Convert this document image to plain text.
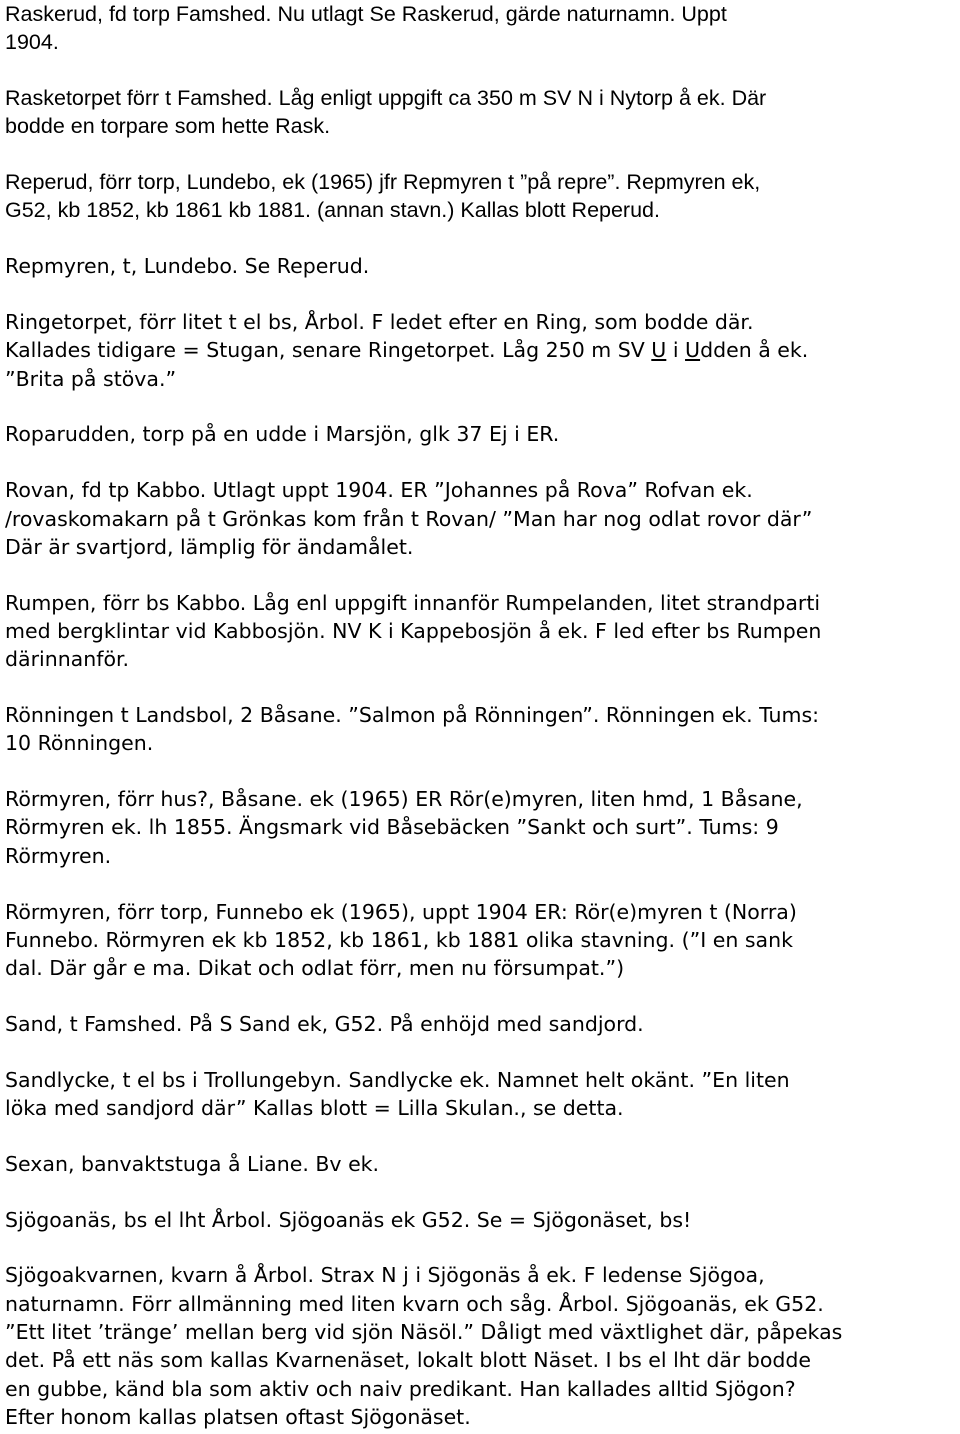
Raskerud, fd torp Famshed. Nu utlagt Se Raskerud, gärde naturnamn. Uppt
1904.

Rasketorpet förr t Famshed. Låg enligt uppgift ca 350 m SV N i Nytorp å ek. Där
bodde en torpare som hette Rask.

Reperud, förr torp, Lundebo, ek (1965) jfr Repmyren t ”på repre”. Repmyren ek,
G52, kb 1852, kb 1861 kb 1881. (annan stavn.) Kallas blott Reperud.

Repmyren, t, Lundebo. Se Reperud.

Ringetorpet, förr litet t el bs, Årbol. F ledet efter en Ring, som bodde där.
Kallades tidigare = Stugan, senare Ringetorpet. Låg 250 m SV U i Udden å ek.
”Brita på stöva.”

Roparudden, torp på en udde i Marsjön, glk 37 Ej i ER.

Rovan, fd tp Kabbo. Utlagt uppt 1904. ER ”Johannes på Rova” Rofvan ek.
/rovaskomakarn på t Grönkas kom från t Rovan/ ”Man har nog odlat rovor där”
Där är svartjord, lämplig för ändamålet.

Rumpen, förr bs Kabbo. Låg enl uppgift innanför Rumpelanden, litet strandparti
med bergklintar vid Kabbosjön. NV K i Kappebosjön å ek. F led efter bs Rumpen
därinnanför.

Rönningen t Landsbol, 2 Båsane. ”Salmon på Rönningen”. Rönningen ek. Tums:
10 Rönningen.

Rörmyren, förr hus?, Båsane. ek (1965) ER Rör(e)myren, liten hmd, 1 Båsane,
Rörmyren ek. lh 1855. Ängsmark vid Båsebäcken ”Sankt och surt”. Tums: 9
Rörmyren.

Rörmyren, förr torp, Funnebo ek (1965), uppt 1904 ER: Rör(e)myren t (Norra)
Funnebo. Rörmyren ek kb 1852, kb 1861, kb 1881 olika stavning. (”I en sank
dal. Där går e ma. Dikat och odlat förr, men nu försumpat.”)

Sand, t Famshed. På S Sand ek, G52. På enhöjd med sandjord.

Sandlycke, t el bs i Trollungebyn. Sandlycke ek. Namnet helt okänt. ”En liten
löka med sandjord där” Kallas blott = Lilla Skulan., se detta.

Sexan, banvaktstuga å Liane. Bv ek.

Sjögoanäs, bs el lht Årbol. Sjögoanäs ek G52. Se = Sjögonäset, bs!

Sjögoakvarnen, kvarn å Årbol. Strax N j i Sjögonäs å ek. F ledense Sjögoa,
naturnamn. Förr allmänning med liten kvarn och såg. Årbol. Sjögoanäs, ek G52.
”Ett litet ’tränge’ mellan berg vid sjön Näsöl.” Dåligt med växtlighet där, påpekas
det. På ett näs som kallas Kvarnenäset, lokalt blott Näset. I bs el lht där bodde
en gubbe, känd bla som aktiv och naiv predikant. Han kallades alltid Sjögon?
Efter honom kallas platsen oftast Sjögonäset.
